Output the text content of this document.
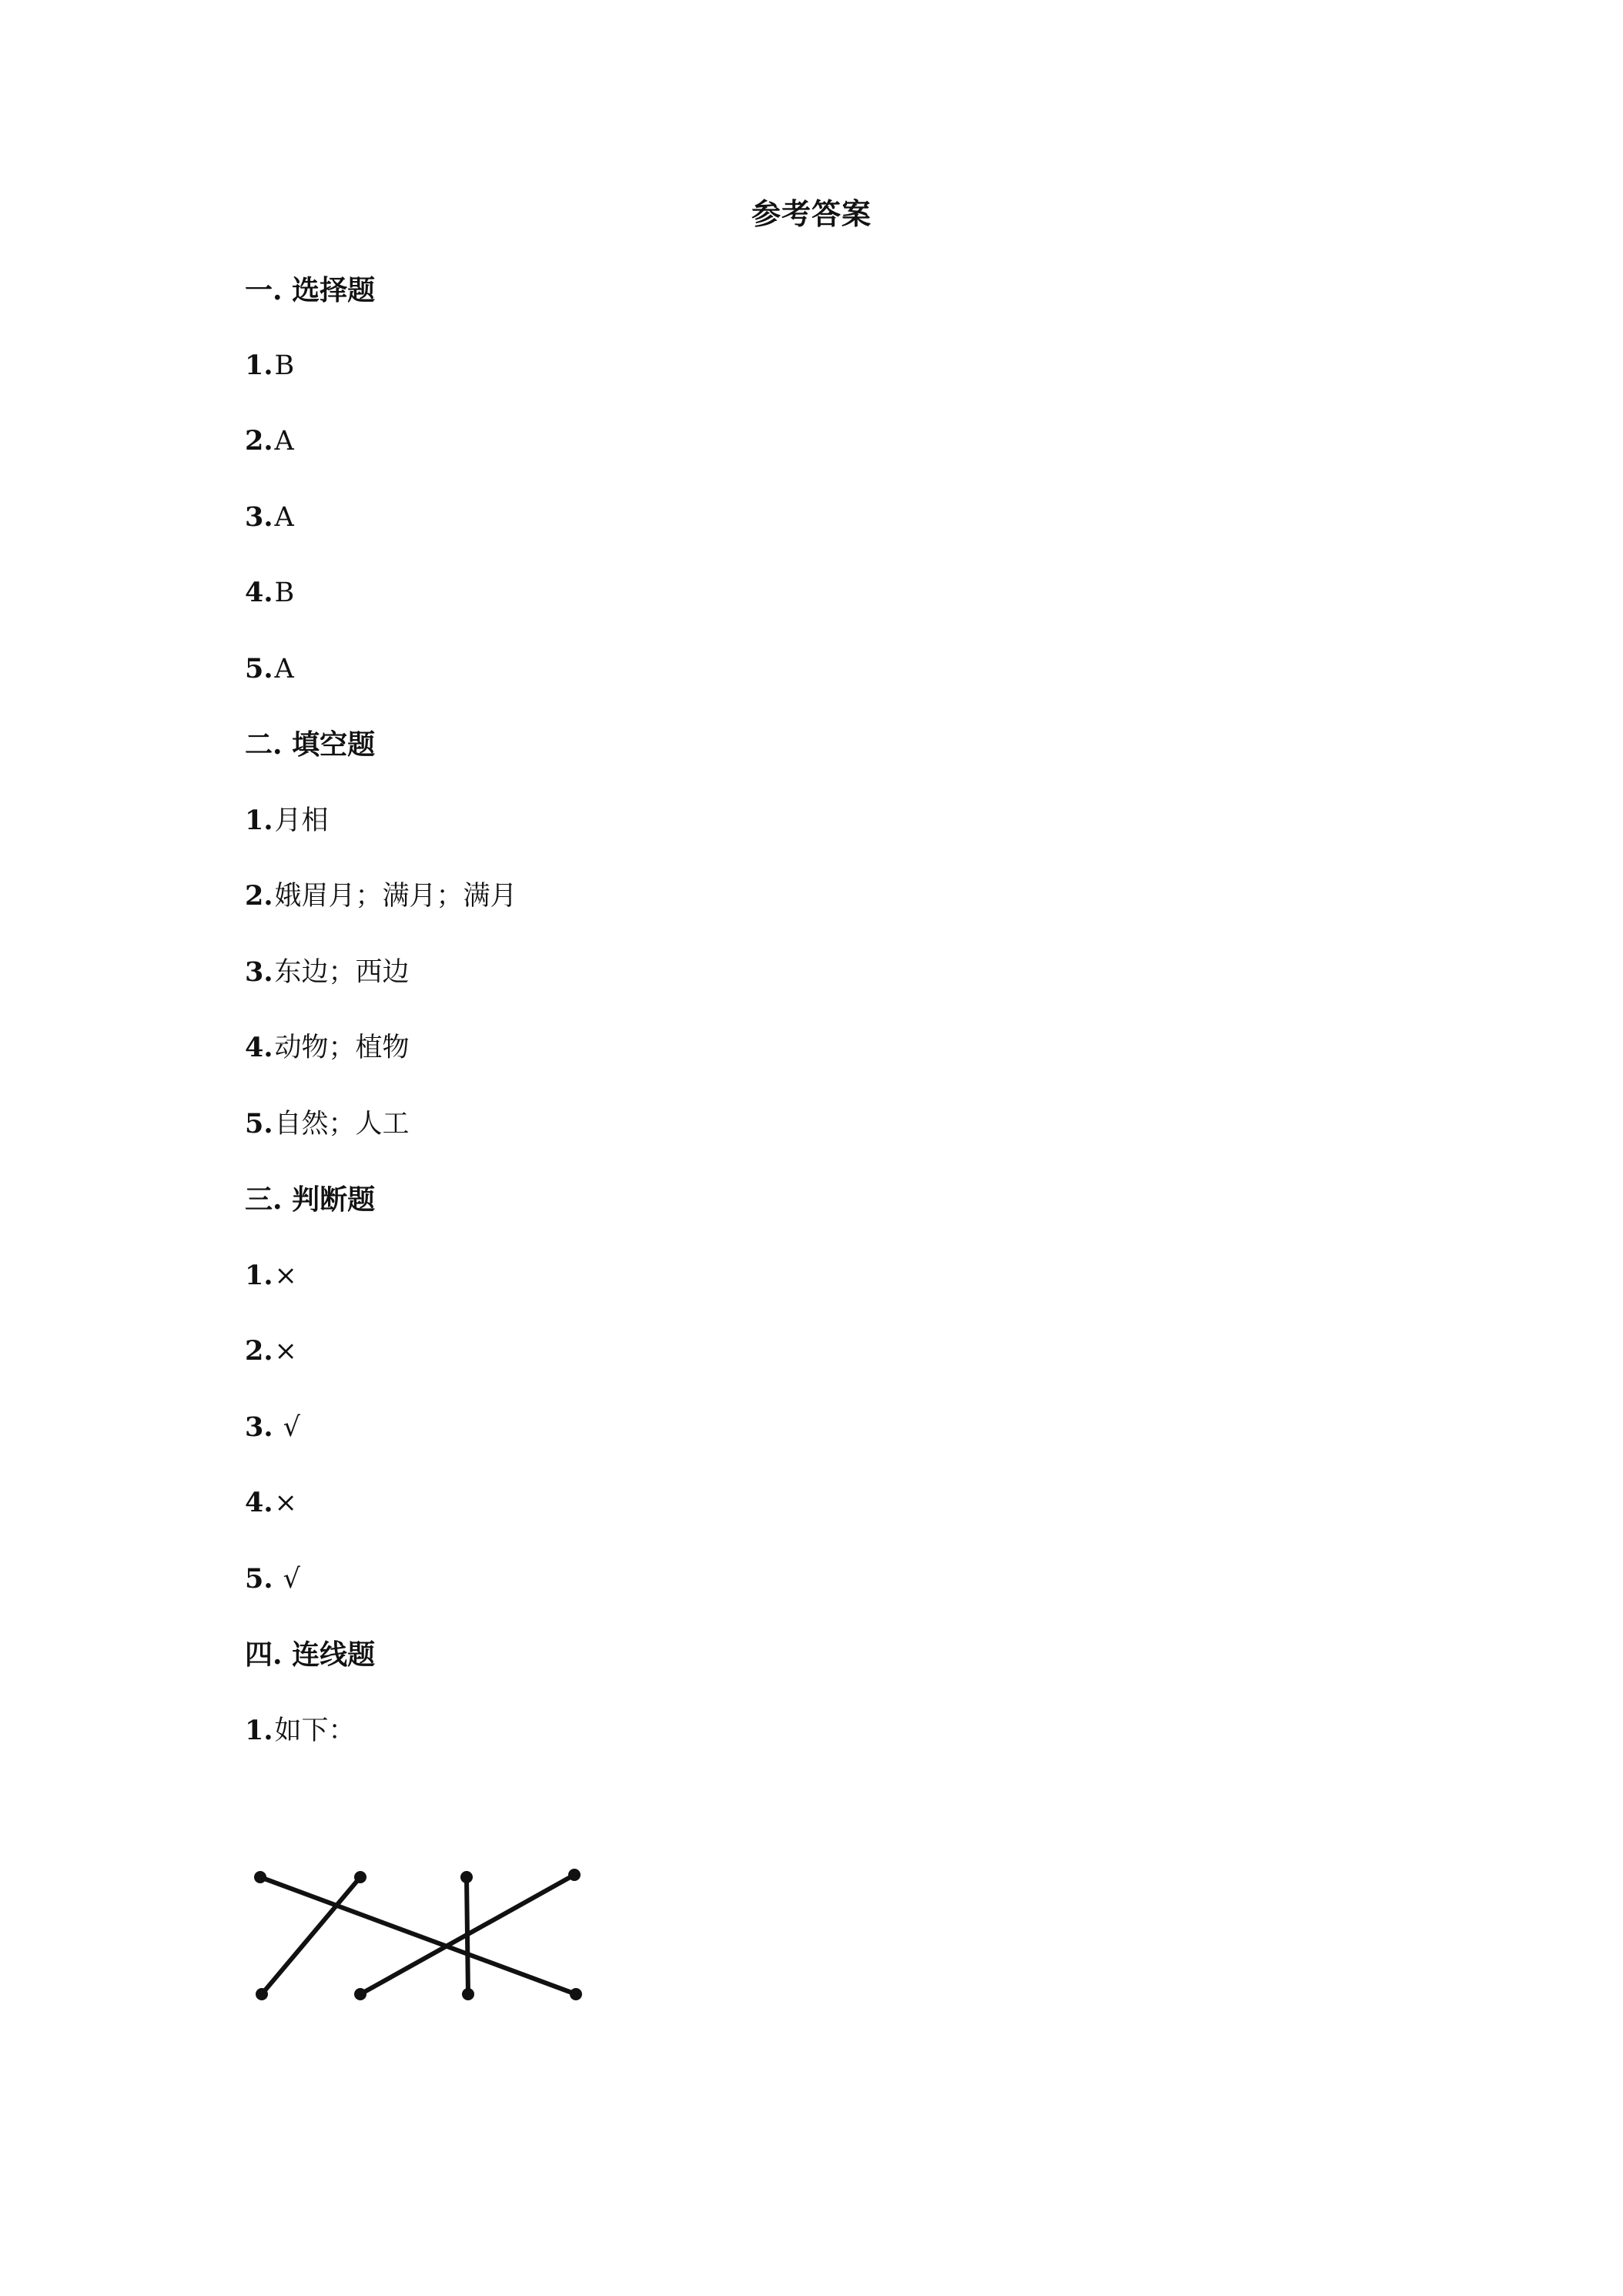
参考答案
一. 选择题
1.B
2.A
3.A
4.B
5.A
二. 填空题
1.月相
2.娥眉月；满月；满月
3.东边；西边
4.动物；植物
5.自然；人工
三. 判断题
1.×
2.×
3. √
4.×
5. √
四. 连线题
1.如下：
